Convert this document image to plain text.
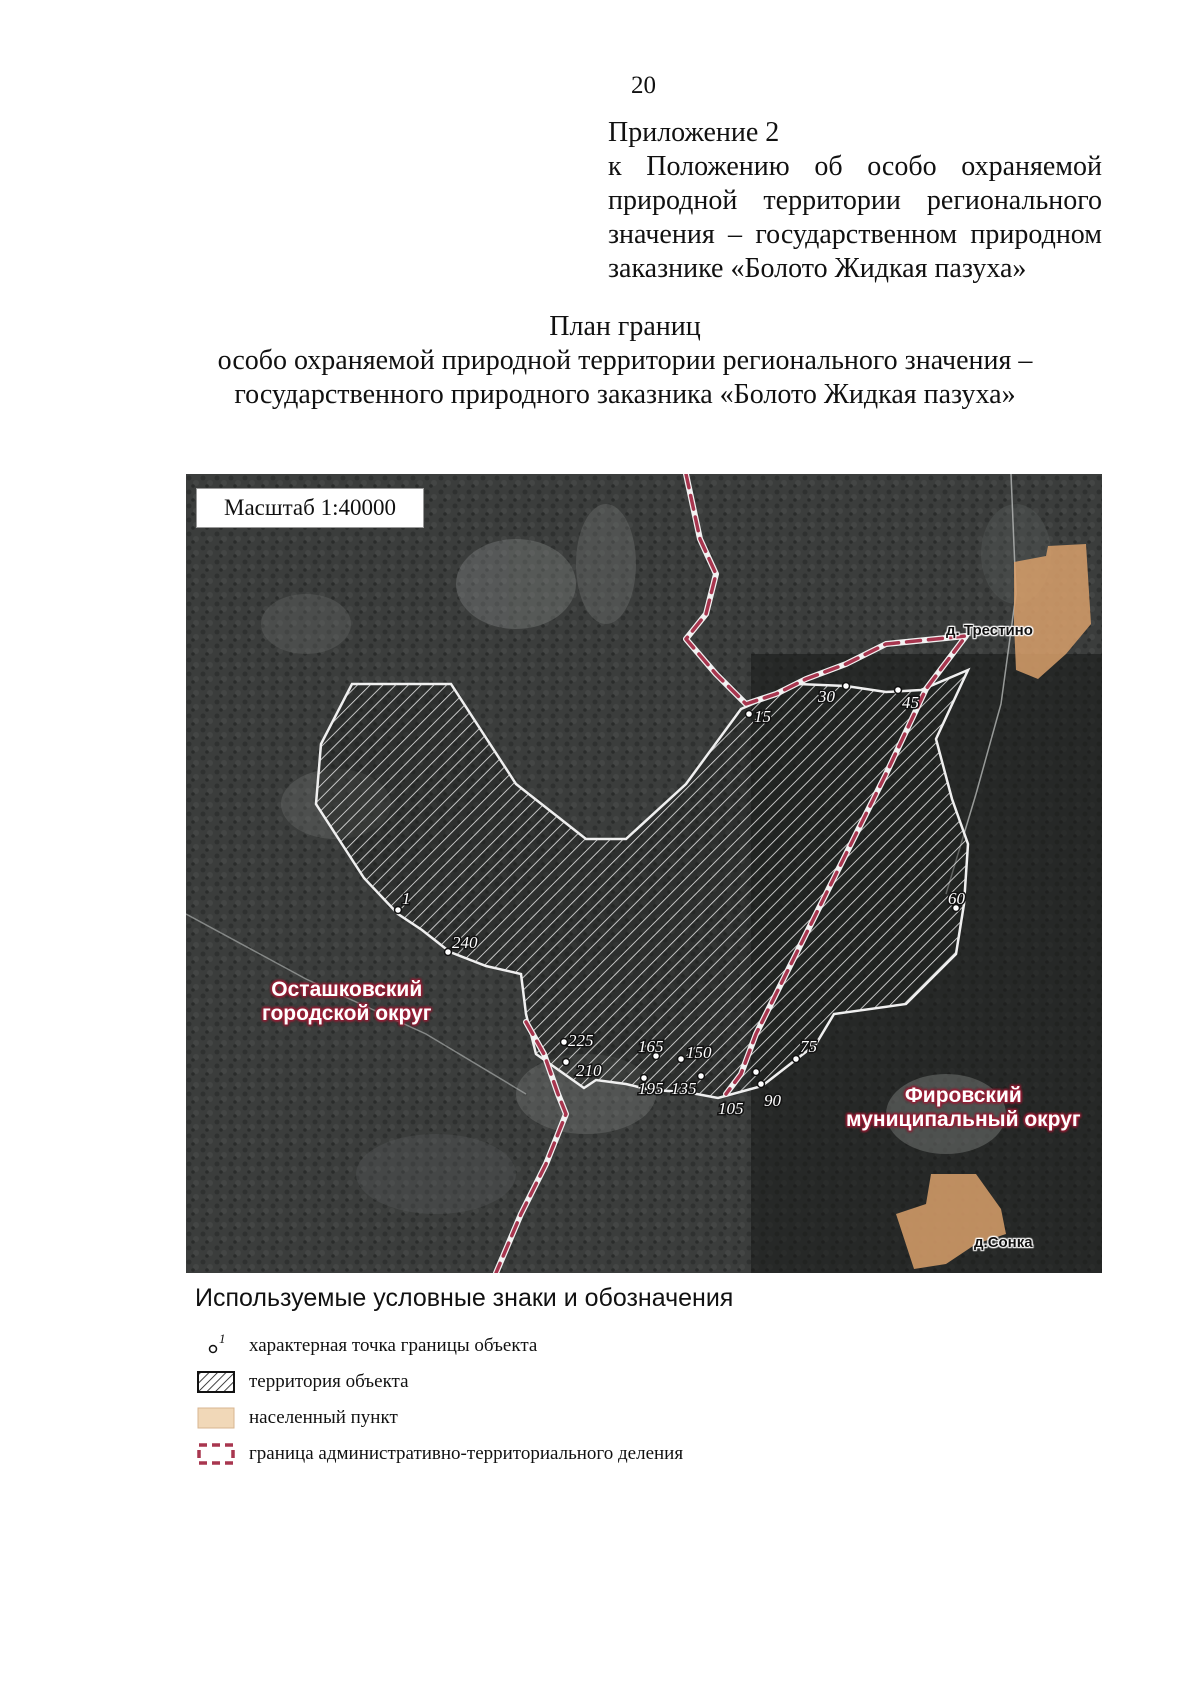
20
Приложение 2
к Положению об особо охраняемой природной территории регионального значения – государственном природном заказнике «Болото Жидкая пазуха»
План границ
особо охраняемой природной территории регионального значения –
государственного природного заказника «Болото Жидкая пазуха»
1
15
30	45
60
75
90
105
135
150
165
195
210
225
240
Масштаб 1:40000
Осташковский
городской округ
Фировский
муниципальный округ
д. Трестино
д.Сонка
Используемые условные знаки и обозначения
1 характерная точка границы объекта
территория объекта
населенный пункт
граница административно-территориального деления
